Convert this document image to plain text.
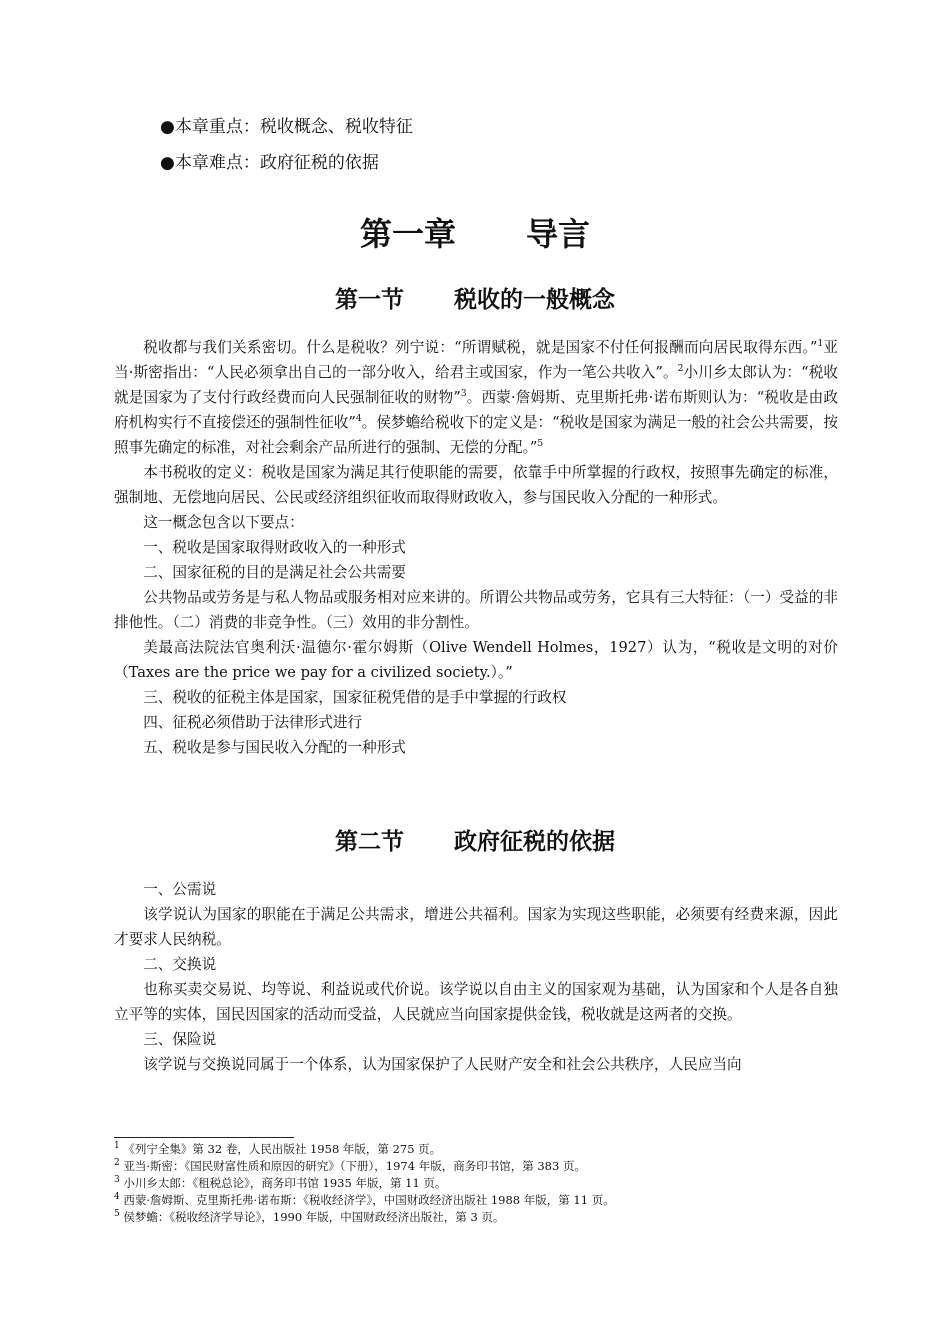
●本章重点：税收概念、税收特征
●本章难点：政府征税的依据
第一章 导言
第一节 税收的一般概念

税收都与我们关系密切。什么是税收？列宁说：“所谓赋税，就是国家不付任何报酬而向居民取得东西。”$^1$亚当·斯密指出：“人民必须拿出自己的一部分收入，给君主或国家，作为一笔公共收入”。$^2$小川乡太郎认为：“税收就是国家为了支付行政经费而向人民强制征收的财物”$^3$。西蒙·詹姆斯、克里斯托弗·诺布斯则认为：“税收是由政府机构实行不直接偿还的强制性征收”$^4$。侯梦蟾给税收下的定义是：“税收是国家为满足一般的社会公共需要，按照事先确定的标准，对社会剩余产品所进行的强制、无偿的分配。”$^5$

本书税收的定义：税收是国家为满足其行使职能的需要，依靠手中所掌握的行政权，按照事先确定的标准，强制地、无偿地向居民、公民或经济组织征收而取得财政收入，参与国民收入分配的一种形式。

这一概念包含以下要点：

一、税收是国家取得财政收入的一种形式

二、国家征税的目的是满足社会公共需要

公共物品或劳务是与私人物品或服务相对应来讲的。所谓公共物品或劳务，它具有三大特征：（一）受益的非排他性。（二）消费的非竞争性。（三）效用的非分割性。

美最高法院法官奥利沃·温德尔·霍尔姆斯（Olive Wendell Holmes，1927）认为，“税收是文明的对价（Taxes are the price we pay for a civilized society.）。”

三、税收的征税主体是国家，国家征税凭借的是手中掌握的行政权

四、征税必须借助于法律形式进行

五、税收是参与国民收入分配的一种形式

第二节 政府征税的依据

一、公需说

该学说认为国家的职能在于满足公共需求，增进公共福利。国家为实现这些职能，必须要有经费来源，因此才要求人民纳税。

二、交换说

也称买卖交易说、均等说、利益说或代价说。该学说以自由主义的国家观为基础，认为国家和个人是各自独立平等的实体，国民因国家的活动而受益，人民就应当向国家提供金钱，税收就是这两者的交换。

三、保险说

该学说与交换说同属于一个体系，认为国家保护了人民财产安全和社会公共秩序，人民应当向

$^1$ 《列宁全集》第 32 卷，人民出版社 1958 年版，第 275 页。
$^2$ 亚当·斯密：《国民财富性质和原因的研究》（下册），1974 年版，商务印书馆，第 383 页。
$^3$ 小川乡太郎：《租税总论》，商务印书馆 1935 年版，第 11 页。
$^4$ 西蒙·詹姆斯、克里斯托弗·诺布斯：《税收经济学》，中国财政经济出版社 1988 年版，第 11 页。
$^5$ 侯梦蟾：《税收经济学导论》，1990 年版，中国财政经济出版社，第 3 页。
